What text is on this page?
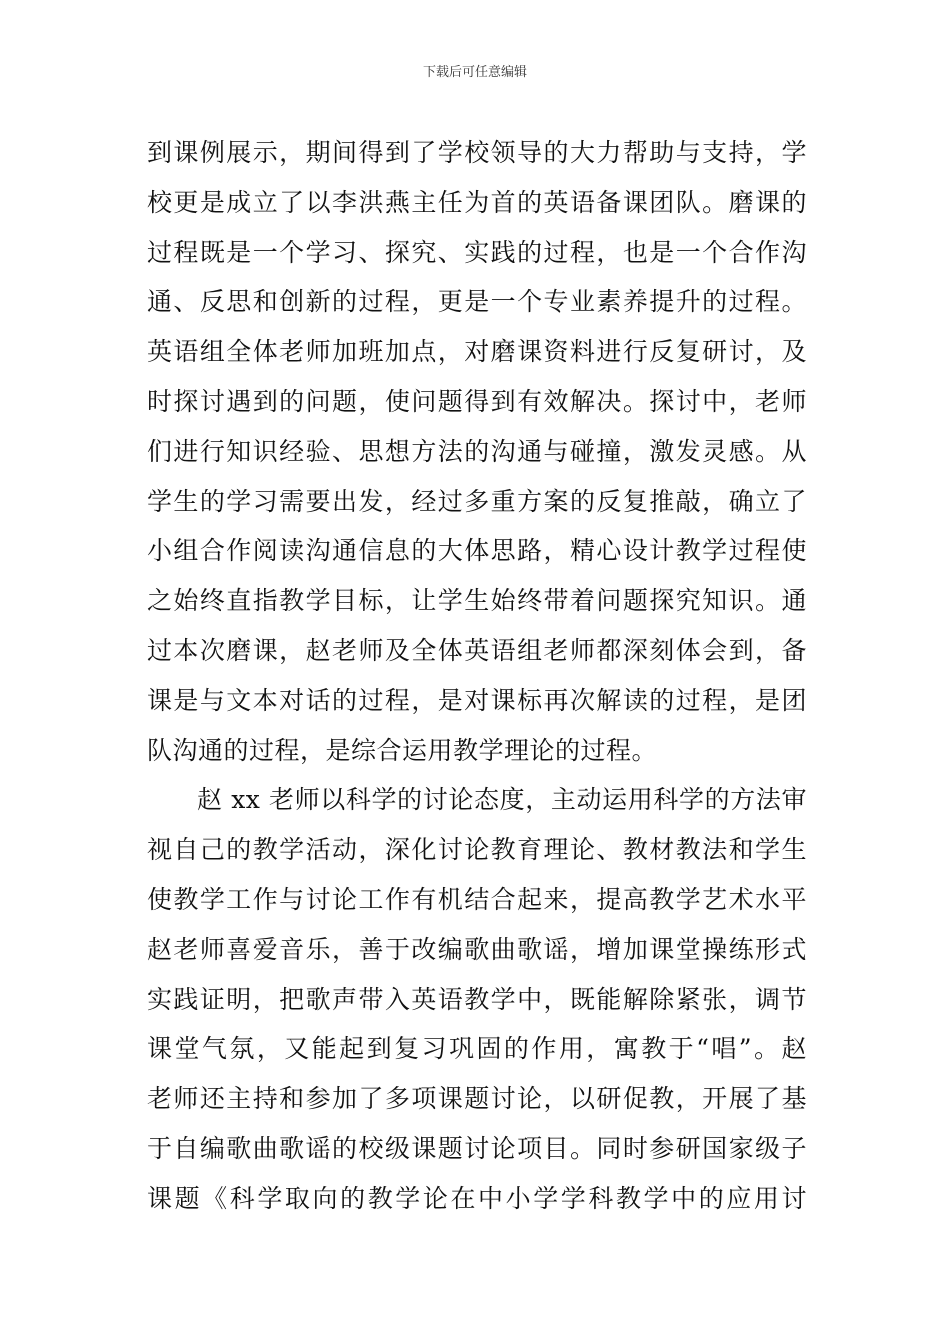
下载后可任意编辑
到课例展示，期间得到了学校领导的大力帮助与支持，学
校更是成立了以李洪燕主任为首的英语备课团队。磨课的
过程既是一个学习、探究、实践的过程，也是一个合作沟
通、反思和创新的过程，更是一个专业素养提升的过程。
英语组全体老师加班加点，对磨课资料进行反复研讨，及
时探讨遇到的问题，使问题得到有效解决。探讨中，老师
们进行知识经验、思想方法的沟通与碰撞，激发灵感。从
学生的学习需要出发，经过多重方案的反复推敲，确立了
小组合作阅读沟通信息的大体思路，精心设计教学过程使
之始终直指教学目标，让学生始终带着问题探究知识。通
过本次磨课，赵老师及全体英语组老师都深刻体会到，备
课是与文本对话的过程，是对课标再次解读的过程，是团
队沟通的过程，是综合运用教学理论的过程。
赵 xx 老师以科学的讨论态度，主动运用科学的方法审
视自己的教学活动，深化讨论教育理论、教材教法和学生
使教学工作与讨论工作有机结合起来，提高教学艺术水平
赵老师喜爱音乐，善于改编歌曲歌谣，增加课堂操练形式
实践证明，把歌声带入英语教学中，既能解除紧张，调节
课堂气氛，又能起到复习巩固的作用，寓教于“唱”。赵
老师还主持和参加了多项课题讨论，以研促教，开展了基
于自编歌曲歌谣的校级课题讨论项目。同时参研国家级子
课题《科学取向的教学论在中小学学科教学中的应用讨
